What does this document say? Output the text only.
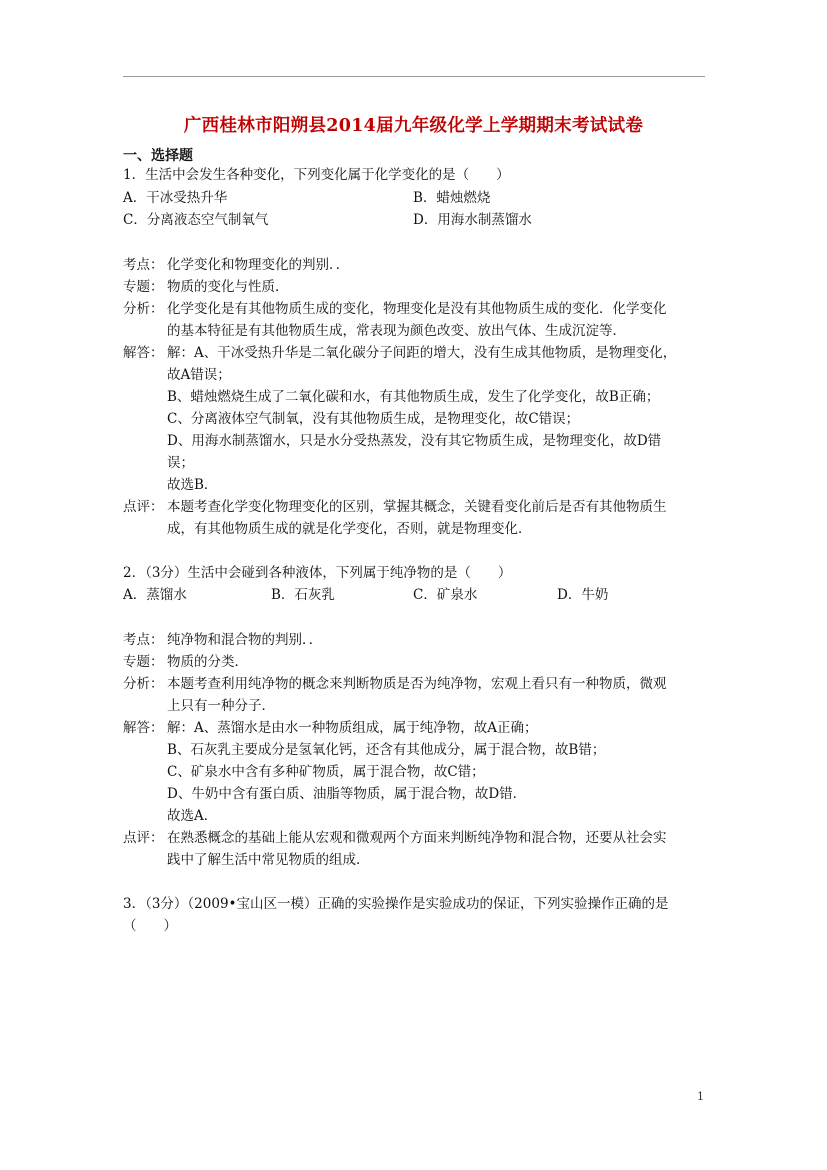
广西桂林市阳朔县2014届九年级化学上学期期末考试试卷
一、选择题
1．生活中会发生各种变化，下列变化属于化学变化的是（　　）
A．干冰受热升华	B．蜡烛燃烧
C．分离液态空气制氧气	D．用海水制蒸馏水
考点： 化学变化和物理变化的判别．．
专题： 物质的变化与性质．
分析： 化学变化是有其他物质生成的变化，物理变化是没有其他物质生成的变化．化学变化
的基本特征是有其他物质生成，常表现为颜色改变、放出气体、生成沉淀等．
解答： 解：A、干冰受热升华是二氧化碳分子间距的增大，没有生成其他物质，是物理变化，
故A错误；
B、蜡烛燃烧生成了二氧化碳和水，有其他物质生成，发生了化学变化，故B正确；
C、分离液体空气制氧，没有其他物质生成，是物理变化，故C错误；
D、用海水制蒸馏水，只是水分受热蒸发，没有其它物质生成，是物理变化，故D错
误；
故选B．
点评： 本题考查化学变化物理变化的区别，掌握其概念，关键看变化前后是否有其他物质生
成，有其他物质生成的就是化学变化，否则，就是物理变化．
2．（3分）生活中会碰到各种液体，下列属于纯净物的是（　　）
A．蒸馏水	B．石灰乳	C．矿泉水	D．牛奶
考点： 纯净物和混合物的判别．．
专题： 物质的分类．
分析： 本题考查利用纯净物的概念来判断物质是否为纯净物，宏观上看只有一种物质，微观
上只有一种分子．
解答： 解：A、蒸馏水是由水一种物质组成，属于纯净物，故A正确；
B、石灰乳主要成分是氢氧化钙，还含有其他成分，属于混合物，故B错；
C、矿泉水中含有多种矿物质，属于混合物，故C错；
D、牛奶中含有蛋白质、油脂等物质，属于混合物，故D错．
故选A．
点评： 在熟悉概念的基础上能从宏观和微观两个方面来判断纯净物和混合物，还要从社会实
践中了解生活中常见物质的组成．
3．（3分）（2009•宝山区一模）正确的实验操作是实验成功的保证，下列实验操作正确的是
（　　）
1
